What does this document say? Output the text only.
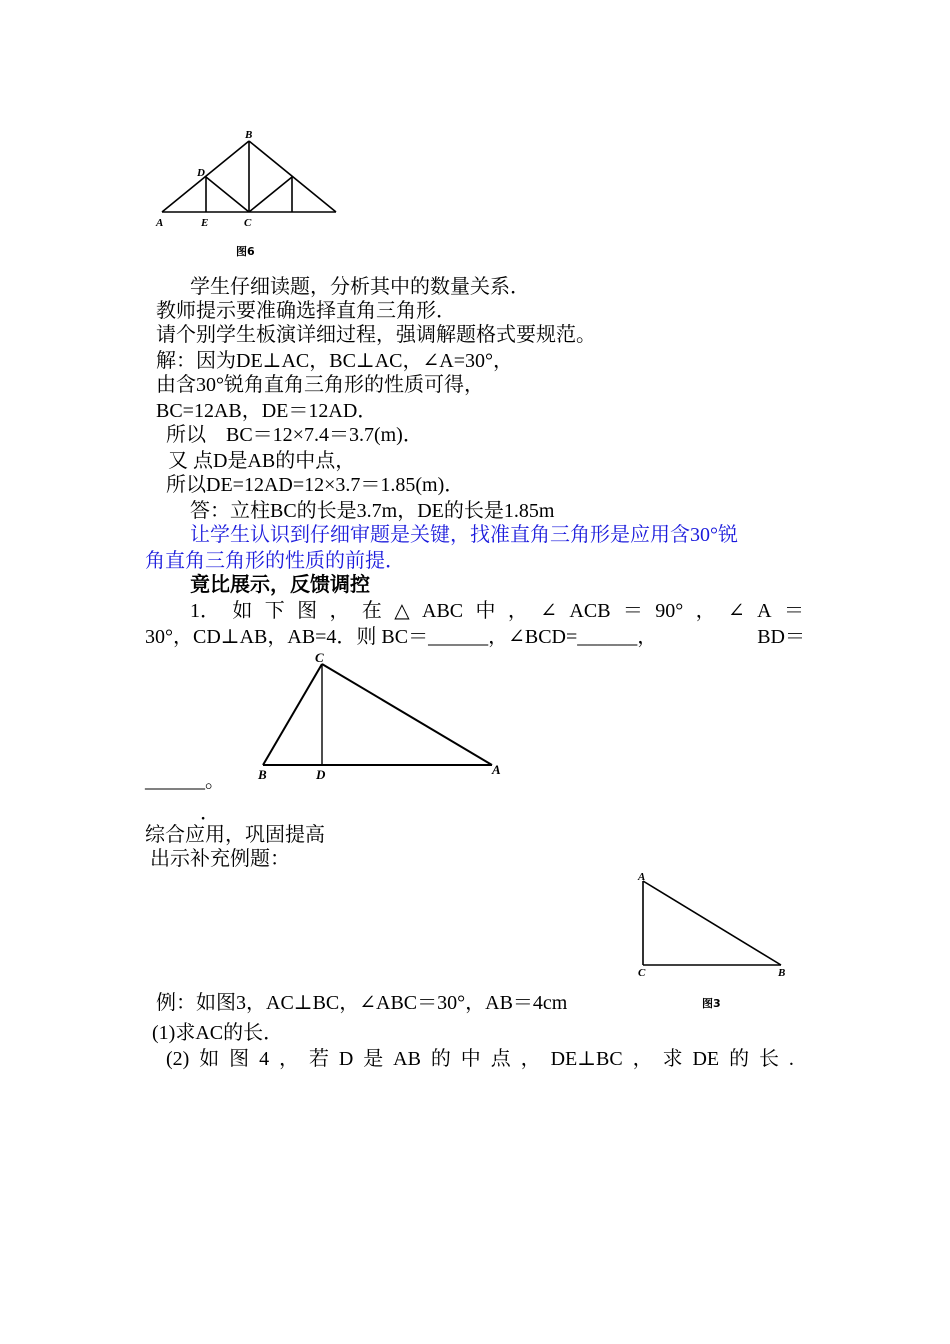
B
D
A	E	C
图6
学生仔细读题，分析其中的数量关系．
教师提示要准确选择直角三角形．
请个别学生板演详细过程，强调解题格式要规范。
解：因为DE⊥AC，BC⊥AC，∠A=30°，
由含30°锐角直角三角形的性质可得，
BC=12AB，DE＝12AD．
所以　BC＝12×7.4＝3.7(m)．
又 点D是AB的中点，
所以DE=12AD=12×3.7＝1.85(m)．
答：立柱BC的长是3.7m，DE的长是1.85m
让学生认识到仔细审题是关键，找准直角三角形是应用含30°锐
角直角三角形的性质的前提．
竟比展示，反馈调控
1． 如 下 图 ， 在 △ ABC 中 ， ∠ ACB ＝ 90° ， ∠ A ＝
30°，CD⊥AB，AB=4．则 BC＝______，∠BCD=______，	BD＝
C
B	D	A
______。
．
综合应用，巩固提高
出示补充例题：
A
C	B
例：如图3，AC⊥BC，∠ABC＝30°，AB＝4cm	图3
(1)求AC的长．
(2) 如 图 4 ， 若 D 是 AB 的 中 点 ， DE⊥BC ， 求 DE 的 长 .
